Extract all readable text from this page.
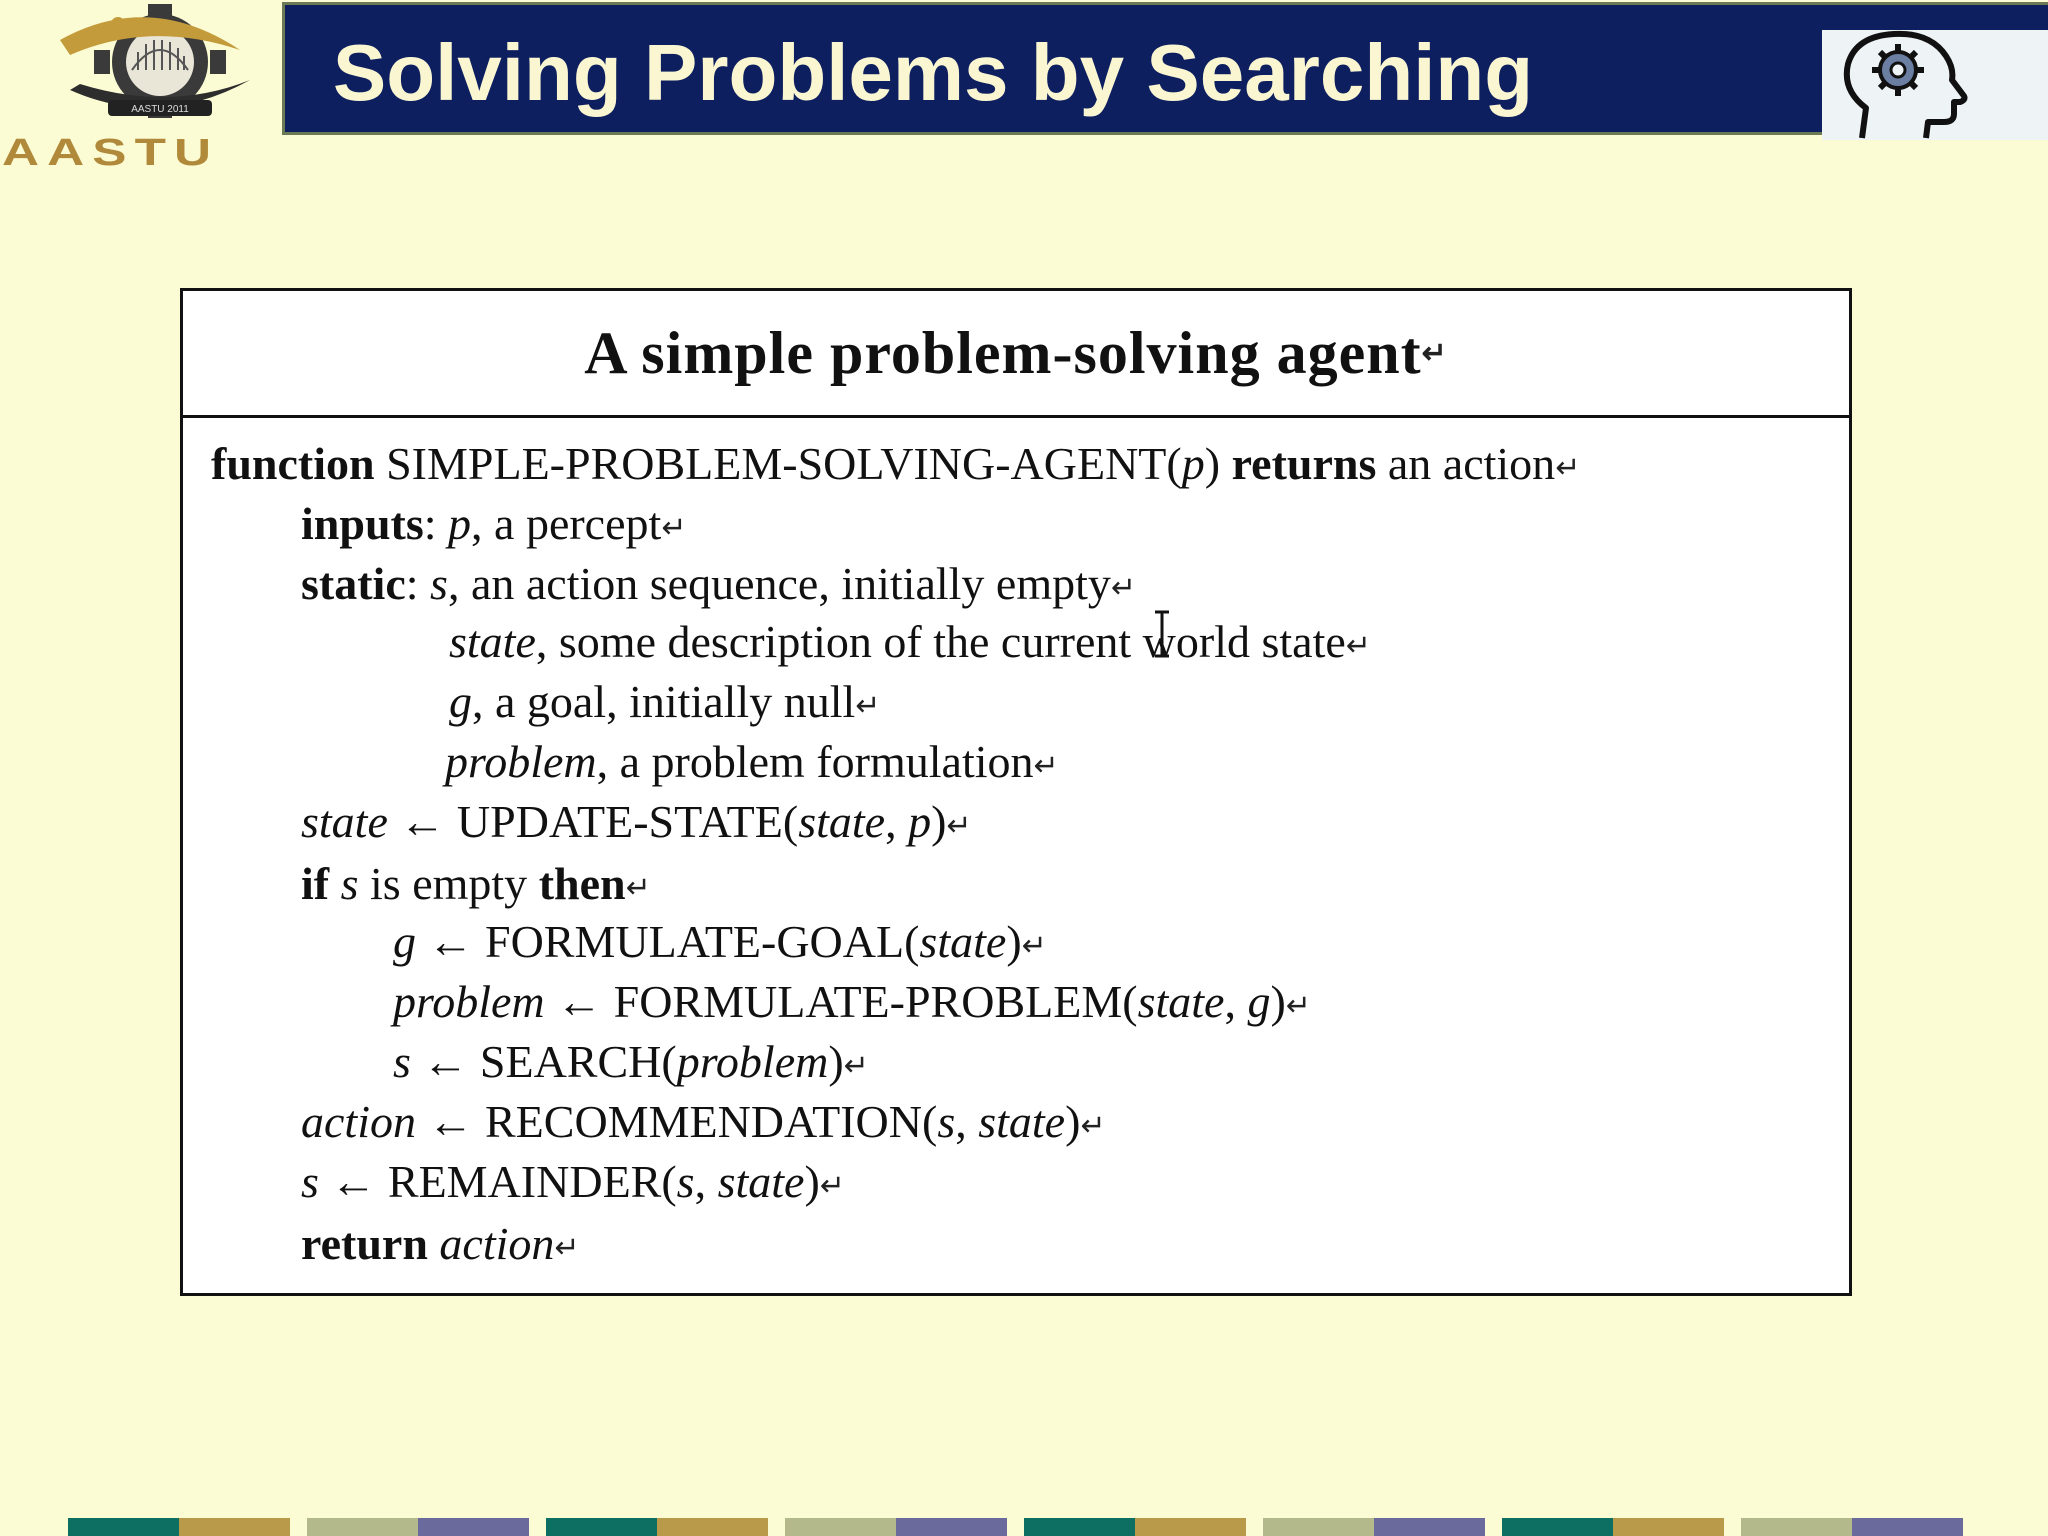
AASTU 2011
AASTU
Solving Problems by Searching
A simple problem-solving agent ↵
function SIMPLE-PROBLEM-SOLVING-AGENT(p) returns an action↵
inputs: p, a percept↵
static: s, an action sequence, initially empty↵
state, some description of the current world state↵
g, a goal, initially null↵
problem, a problem formulation↵
state ← UPDATE-STATE(state, p)↵
if s is empty then↵
g ← FORMULATE-GOAL(state)↵
problem ← FORMULATE-PROBLEM(state, g)↵
s ← SEARCH(problem)↵
action ← RECOMMENDATION(s, state)↵
s ← REMAINDER(s, state)↵
return action↵
